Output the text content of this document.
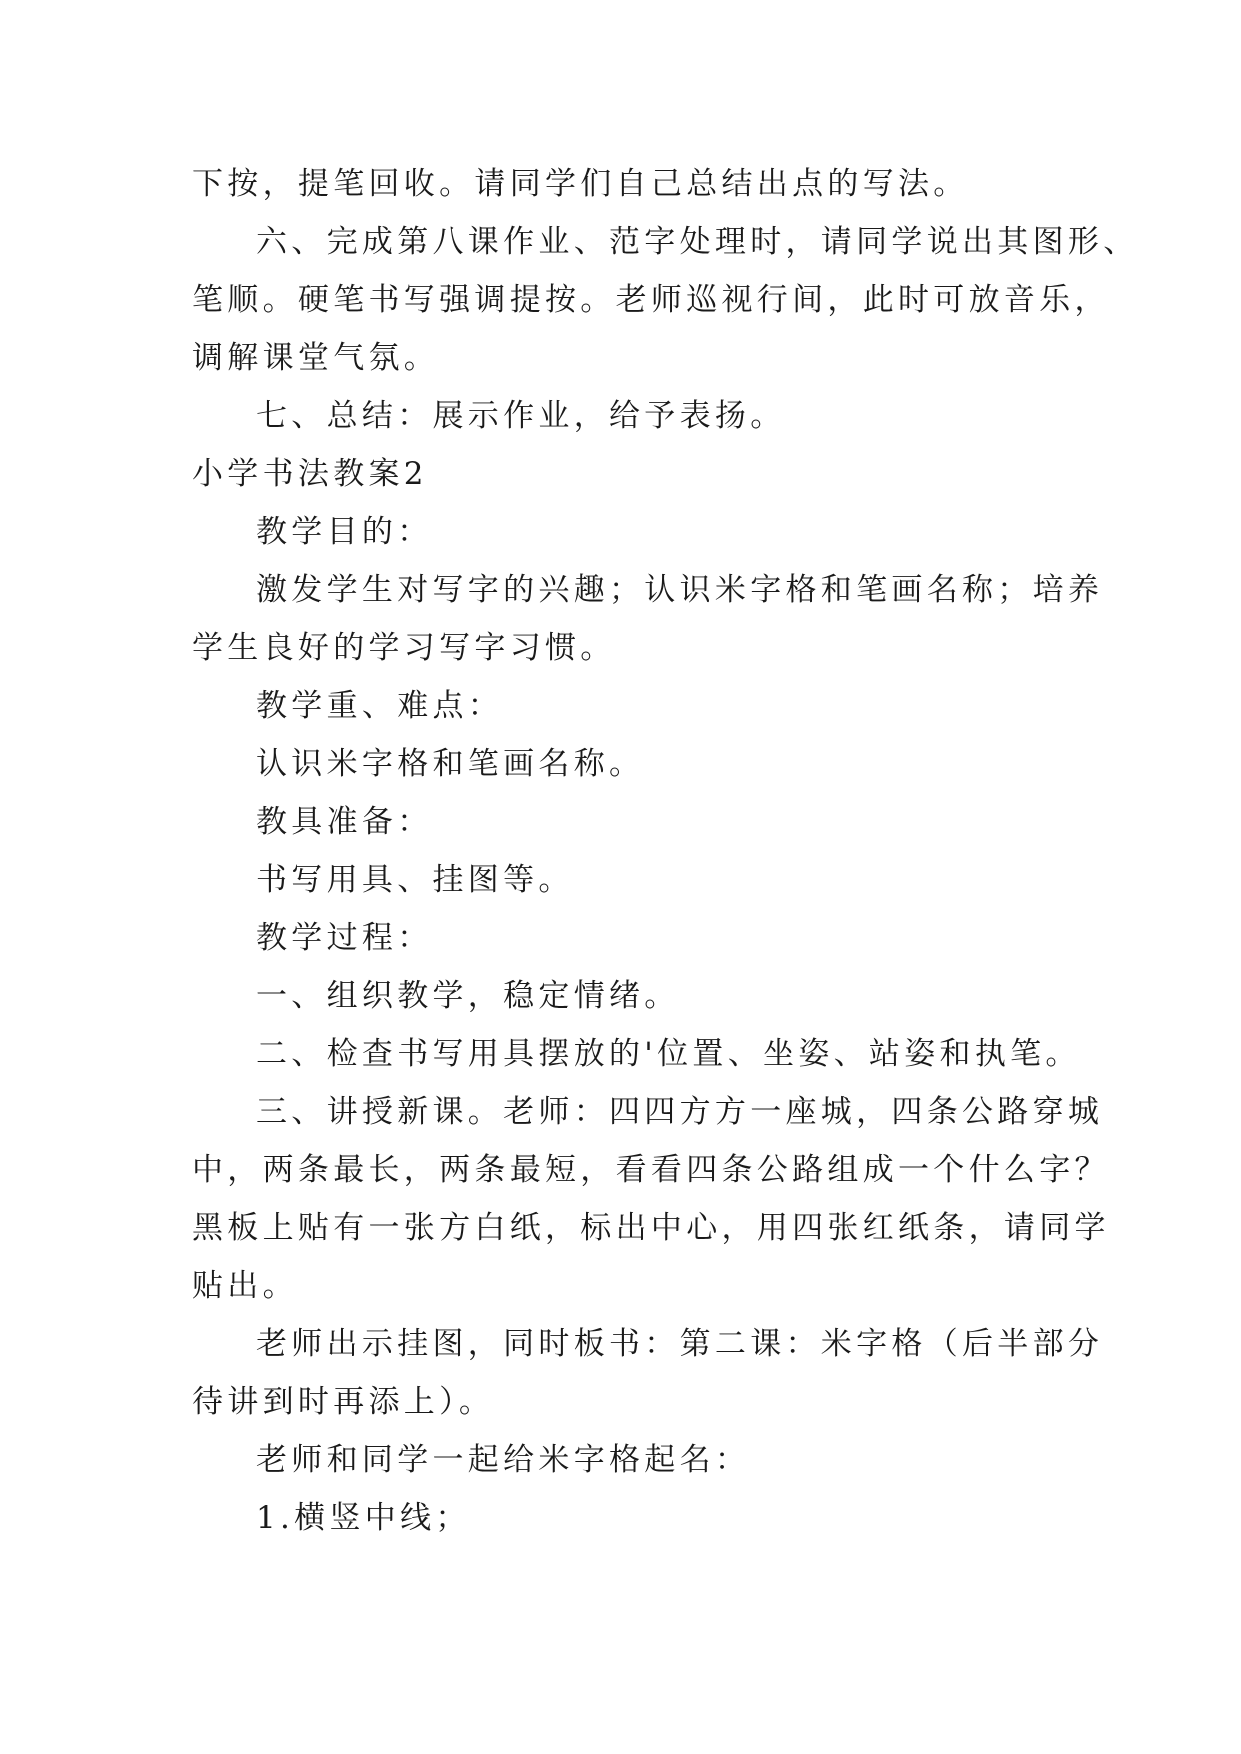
下按，提笔回收。请同学们自己总结出点的写法。
六、完成第八课作业、范字处理时，请同学说出其图形、
笔顺。硬笔书写强调提按。老师巡视行间，此时可放音乐，
调解课堂气氛。
七、总结：展示作业，给予表扬。
小学书法教案2
教学目的：
激发学生对写字的兴趣；认识米字格和笔画名称；培养
学生良好的学习写字习惯。
教学重、难点：
认识米字格和笔画名称。
教具准备：
书写用具、挂图等。
教学过程：
一、组织教学，稳定情绪。
二、检查书写用具摆放的'位置、坐姿、站姿和执笔。
三、讲授新课。老师：四四方方一座城，四条公路穿城
中，两条最长，两条最短，看看四条公路组成一个什么字？
黑板上贴有一张方白纸，标出中心，用四张红纸条，请同学
贴出。
老师出示挂图，同时板书：第二课：米字格（后半部分
待讲到时再添上）。
老师和同学一起给米字格起名：
1.横竖中线；
